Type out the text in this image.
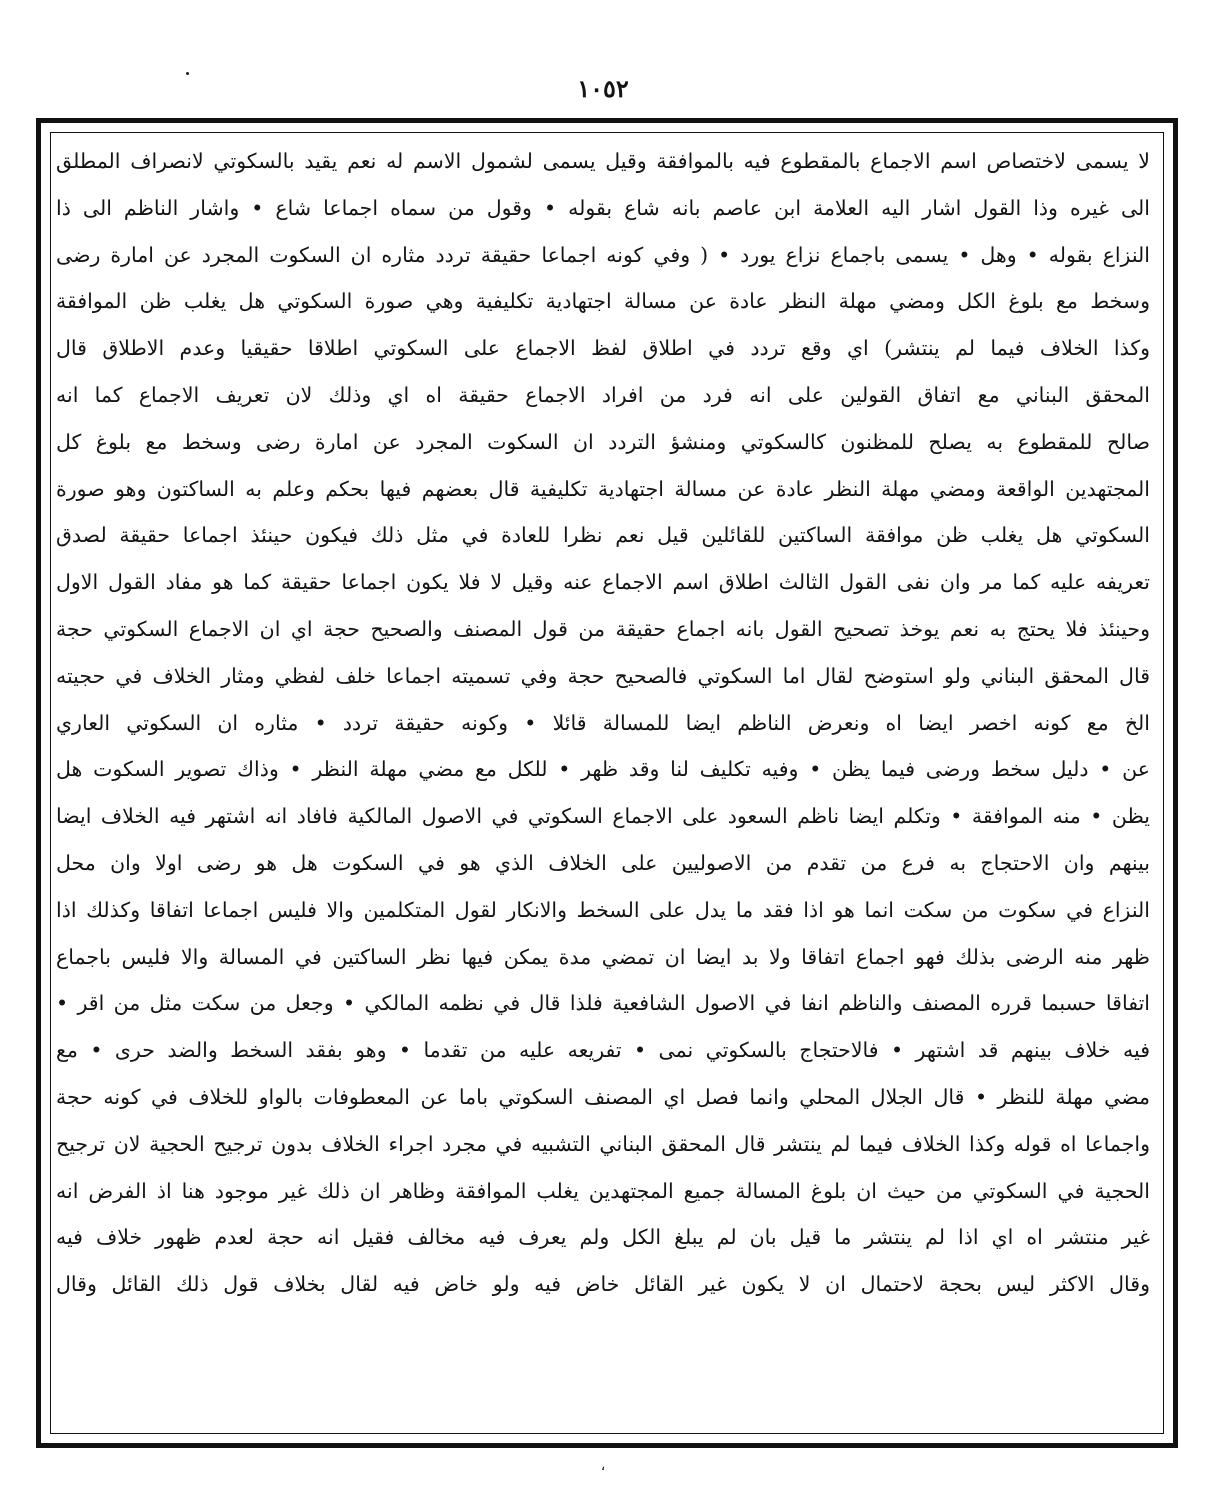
١٠٥٢
لا يسمى لاختصاص اسم الاجماع بالمقطوع فيه بالموافقة وقيل يسمى لشمول الاسم له نعم يقيد بالسكوتي لانصراف المطلق
الى غيره وذا القول اشار اليه العلامة ابن عاصم بانه شاع بقوله • وقول من سماه اجماعا شاع • واشار الناظم الى ذا
النزاع بقوله • وهل • يسمى باجماع نزاع يورد • ( وفي كونه اجماعا حقيقة تردد مثاره ان السكوت المجرد عن امارة رضى
وسخط مع بلوغ الكل ومضي مهلة النظر عادة عن مسالة اجتهادية تكليفية وهي صورة السكوتي هل يغلب ظن الموافقة
وكذا الخلاف فيما لم ينتشر) اي وقع تردد في اطلاق لفظ الاجماع على السكوتي اطلاقا حقيقيا وعدم الاطلاق قال
المحقق البناني مع اتفاق القولين على انه فرد من افراد الاجماع حقيقة اه اي وذلك لان تعريف الاجماع كما انه
صالح للمقطوع به يصلح للمظنون كالسكوتي ومنشؤ التردد ان السكوت المجرد عن امارة رضى وسخط مع بلوغ كل
المجتهدين الواقعة ومضي مهلة النظر عادة عن مسالة اجتهادية تكليفية قال بعضهم فيها بحكم وعلم به الساكتون وهو صورة
السكوتي هل يغلب ظن موافقة الساكتين للقائلين قيل نعم نظرا للعادة في مثل ذلك فيكون حينئذ اجماعا حقيقة لصدق
تعريفه عليه كما مر وان نفى القول الثالث اطلاق اسم الاجماع عنه وقيل لا فلا يكون اجماعا حقيقة كما هو مفاد القول الاول
وحينئذ فلا يحتج به نعم يوخذ تصحيح القول بانه اجماع حقيقة من قول المصنف والصحيح حجة اي ان الاجماع السكوتي حجة
قال المحقق البناني ولو استوضح لقال اما السكوتي فالصحيح حجة وفي تسميته اجماعا خلف لفظي ومثار الخلاف في حجيته
الخ مع كونه اخصر ايضا اه ونعرض الناظم ايضا للمسالة قائلا • وكونه حقيقة تردد • مثاره ان السكوتي العاري
عن • دليل سخط ورضى فيما يظن • وفيه تكليف لنا وقد ظهر • للكل مع مضي مهلة النظر • وذاك تصوير السكوت هل
يظن • منه الموافقة • وتكلم ايضا ناظم السعود على الاجماع السكوتي في الاصول المالكية فافاد انه اشتهر فيه الخلاف ايضا
بينهم وان الاحتجاج به فرع من تقدم من الاصوليين على الخلاف الذي هو في السكوت هل هو رضى اولا وان محل
النزاع في سكوت من سكت انما هو اذا فقد ما يدل على السخط والانكار لقول المتكلمين والا فليس اجماعا اتفاقا وكذلك اذا
ظهر منه الرضى بذلك فهو اجماع اتفاقا ولا بد ايضا ان تمضي مدة يمكن فيها نظر الساكتين في المسالة والا فليس باجماع
اتفاقا حسبما قرره المصنف والناظم انفا في الاصول الشافعية فلذا قال في نظمه المالكي • وجعل من سكت مثل من اقر •
فيه خلاف بينهم قد اشتهر • فالاحتجاج بالسكوتي نمى • تفريعه عليه من تقدما • وهو بفقد السخط والضد حرى • مع
مضي مهلة للنظر • قال الجلال المحلي وانما فصل اي المصنف السكوتي باما عن المعطوفات بالواو للخلاف في كونه حجة
واجماعا اه قوله وكذا الخلاف فيما لم ينتشر قال المحقق البناني التشبيه في مجرد اجراء الخلاف بدون ترجيح الحجية لان ترجيح
الحجية في السكوتي من حيث ان بلوغ المسالة جميع المجتهدين يغلب الموافقة وظاهر ان ذلك غير موجود هنا اذ الفرض انه
غير منتشر اه اي اذا لم ينتشر ما قيل بان لم يبلغ الكل ولم يعرف فيه مخالف فقيل انه حجة لعدم ظهور خلاف فيه
وقال الاكثر ليس بحجة لاحتمال ان لا يكون غير القائل خاض فيه ولو خاض فيه لقال بخلاف قول ذلك القائل وقال
،
